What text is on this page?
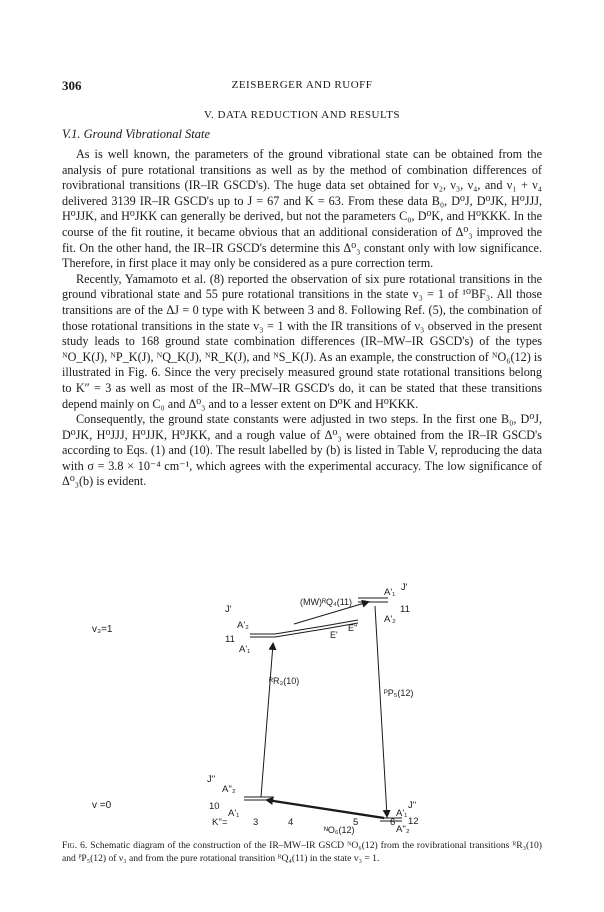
306	ZEISBERGER AND RUOFF
V. DATA REDUCTION AND RESULTS
V.1. Ground Vibrational State

As is well known, the parameters of the ground vibrational state can be obtained from the analysis of pure rotational transitions as well as by the method of combination differences of rovibrational transitions (IR–IR GSCD's). The huge data set obtained for ν₂, ν₃, ν₄, and ν₁ + ν₄ delivered 3139 IR–IR GSCD's up to J = 67 and K = 63. From these data B₀, D⁰J, D⁰JK, H⁰JJJ, H⁰JJK, and H⁰JKK can generally be derived, but not the parameters C₀, D⁰K, and H⁰KKK. In the course of the fit routine, it became obvious that an additional consideration of Δ⁰₃ improved the fit. On the other hand, the IR–IR GSCD's determine this Δ⁰₃ constant only with low significance. Therefore, in first place it may only be considered as a pure correction term.

Recently, Yamamoto et al. (8) reported the observation of six pure rotational transitions in the ground vibrational state and 55 pure rotational transitions in the state v₃ = 1 of ¹⁰BF₃. All those transitions are of the ΔJ = 0 type with K between 3 and 8. Following Ref. (5), the combination of those rotational transitions in the state v₃ = 1 with the IR transitions of ν₃ observed in the present study leads to 168 ground state combination differences (IR–MW–IR GSCD's) of the types ᴺO_K(J), ᴺP_K(J), ᴺQ_K(J), ᴺR_K(J), and ᴺS_K(J). As an example, the construction of ᴺO₆(12) is illustrated in Fig. 6. Since the very precisely measured ground state rotational transitions belong to K″ = 3 as well as most of the IR–MW–IR GSCD's do, it can be stated that these transitions depend mainly on C₀ and Δ⁰₃ and to a lesser extent on D⁰K and H⁰KKK.

Consequently, the ground state constants were adjusted in two steps. In the first one B₀, D⁰J, D⁰JK, H⁰JJJ, H⁰JJK, H⁰JKK, and a rough value of Δ⁰₃ were obtained from the IR–IR GSCD's according to Eqs. (1) and (10). The result labelled by (b) is listed in Table V, reproducing the data with σ = 3.8 × 10⁻⁴ cm⁻¹, which agrees with the experimental accuracy. The low significance of Δ⁰₃(b) is evident.

v₃=1
v =0
J'
A'₂
11
A'₁
E'
E''
(MW)ᴿQ₄(11)
J'
A'₁
11
A'₂
ᴿR₃(10)
ᴾP₅(12)
J"
A''₂
10
A'₁
ᴺO₆(12)
A'₁
J"
12
A''₂
K''=	3	4	5	6
Fig. 6. Schematic diagram of the construction of the IR–MW–IR GSCD ᴺO₆(12) from the rovibrational transitions ᴿR₃(10) and ᴾP₅(12) of ν₃ and from the pure rotational transition ᴿQ₄(11) in the state v₃ = 1.
